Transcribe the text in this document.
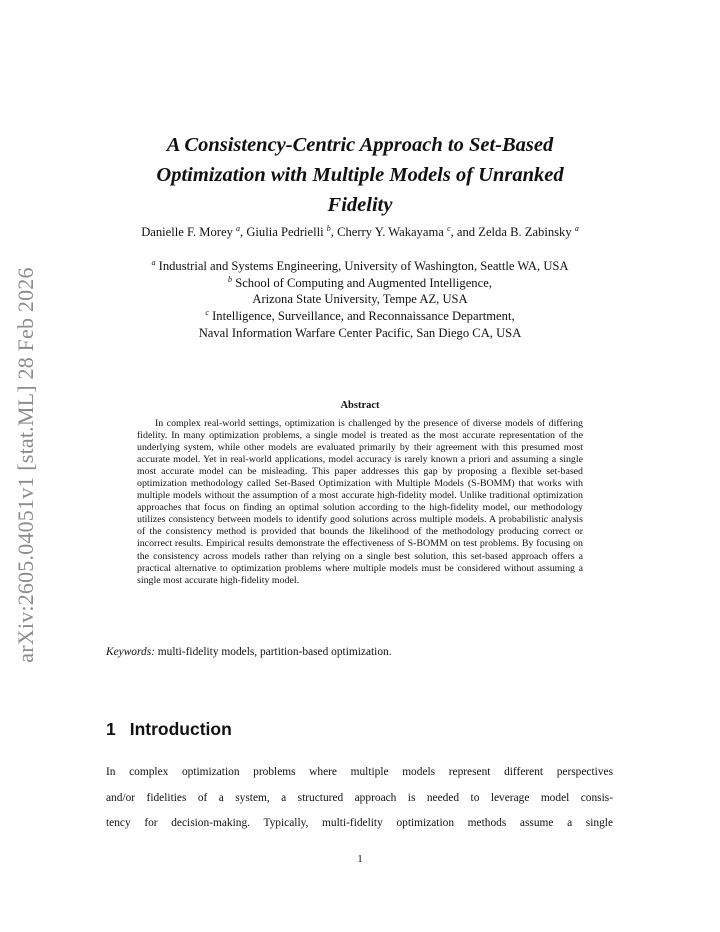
arXiv:2605.04051v1 [stat.ML] 28 Feb 2026
A Consistency-Centric Approach to Set-Based
Optimization with Multiple Models of Unranked
Fidelity
Danielle F. Morey $^a$, Giulia Pedrielli $^b$, Cherry Y. Wakayama $^c$, and Zelda B. Zabinsky $^a$
$^a$ Industrial and Systems Engineering, University of Washington, Seattle WA, USA
$^b$ School of Computing and Augmented Intelligence,
Arizona State University, Tempe AZ, USA
$^c$ Intelligence, Surveillance, and Reconnaissance Department,
Naval Information Warfare Center Pacific, San Diego CA, USA
Abstract

In complex real-world settings, optimization is challenged by the presence of diverse models of differing fidelity. In many optimization problems, a single model is treated as the most accurate representation of the underlying system, while other models are evaluated primarily by their agreement with this presumed most accurate model. Yet in real-world applications, model accuracy is rarely known a priori and assuming a single most accurate model can be misleading. This paper addresses this gap by proposing a flexible set-based optimization methodology called Set-Based Optimization with Multiple Models (S-BOMM) that works with multiple models without the assumption of a most accurate high-fidelity model. Unlike traditional optimization approaches that focus on finding an optimal solution according to the high-fidelity model, our methodology utilizes consistency between models to identify good solutions across multiple models. A probabilistic analysis of the consistency method is provided that bounds the likelihood of the methodology producing correct or incorrect results. Empirical results demonstrate the effectiveness of S-BOMM on test problems. By focusing on the consistency across models rather than relying on a single best solution, this set-based approach offers a practical alternative to optimization problems where multiple models must be considered without assuming a single most accurate high-fidelity model.

Keywords: multi-fidelity models, partition-based optimization.
1 Introduction

In complex optimization problems where multiple models represent different perspectives
and/or fidelities of a system, a structured approach is needed to leverage model consis-
tency for decision-making. Typically, multi-fidelity optimization methods assume a single

1
